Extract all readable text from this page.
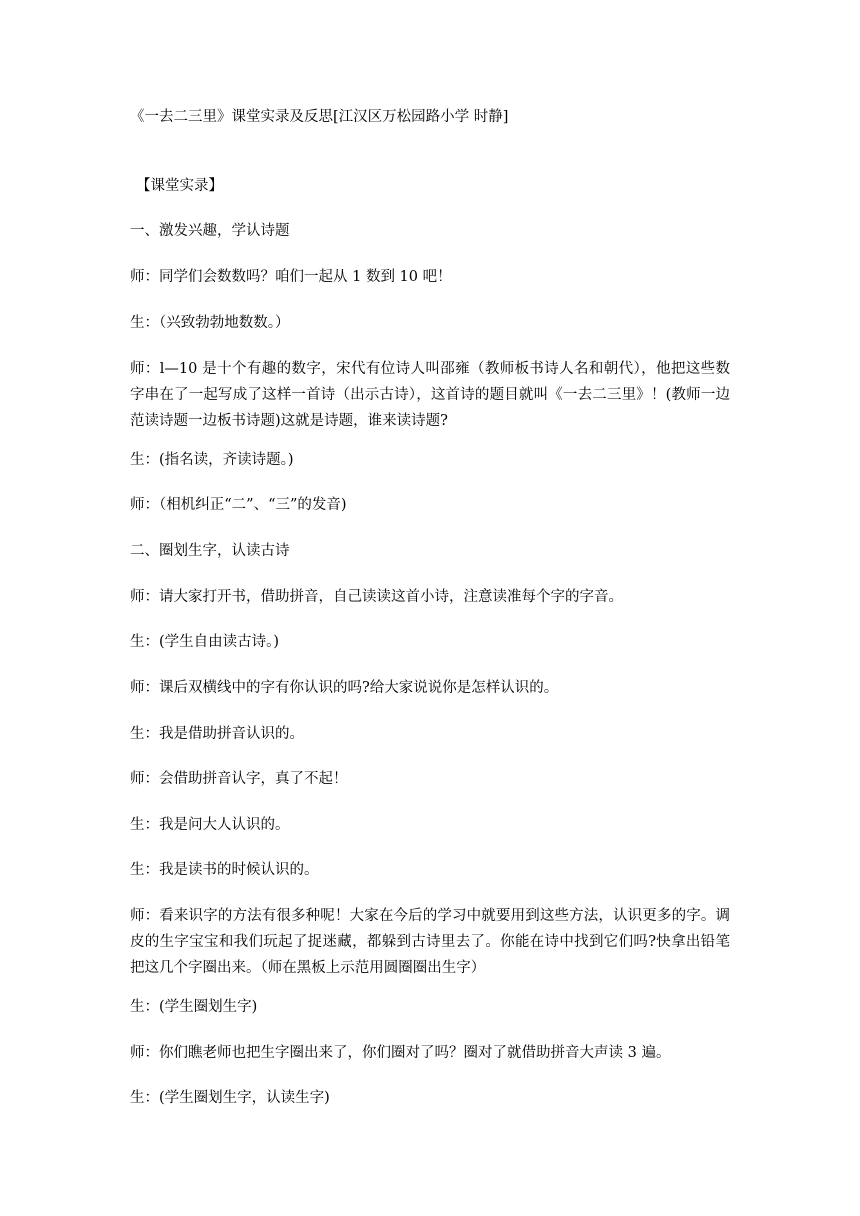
《一去二三里》课堂实录及反思[江汉区万松园路小学 时静]
【课堂实录】
一、激发兴趣，学认诗题
师：同学们会数数吗？咱们一起从 1 数到 10 吧！
生：（兴致勃勃地数数。）
师：l—10 是十个有趣的数字，宋代有位诗人叫邵雍（教师板书诗人名和朝代），他把这些数字串在了一起写成了这样一首诗（出示古诗），这首诗的题目就叫《一去二三里》！(教师一边范读诗题一边板书诗题)这就是诗题，谁来读诗题?
生：(指名读，齐读诗题。)
师：（相机纠正“二”、“三”的发音)
二、圈划生字，认读古诗
师：请大家打开书，借助拼音，自己读读这首小诗，注意读准每个字的字音。
生：(学生自由读古诗。)
师：课后双横线中的字有你认识的吗?给大家说说你是怎样认识的。
生：我是借助拼音认识的。
师：会借助拼音认字，真了不起！
生：我是问大人认识的。
生：我是读书的时候认识的。
师：看来识字的方法有很多种呢！大家在今后的学习中就要用到这些方法，认识更多的字。调皮的生字宝宝和我们玩起了捉迷藏，都躲到古诗里去了。你能在诗中找到它们吗?快拿出铅笔把这几个字圈出来。（师在黑板上示范用圆圈圈出生字）
生：(学生圈划生字)
师：你们瞧老师也把生字圈出来了，你们圈对了吗？圈对了就借助拼音大声读 3 遍。
生：(学生圈划生字，认读生字)
